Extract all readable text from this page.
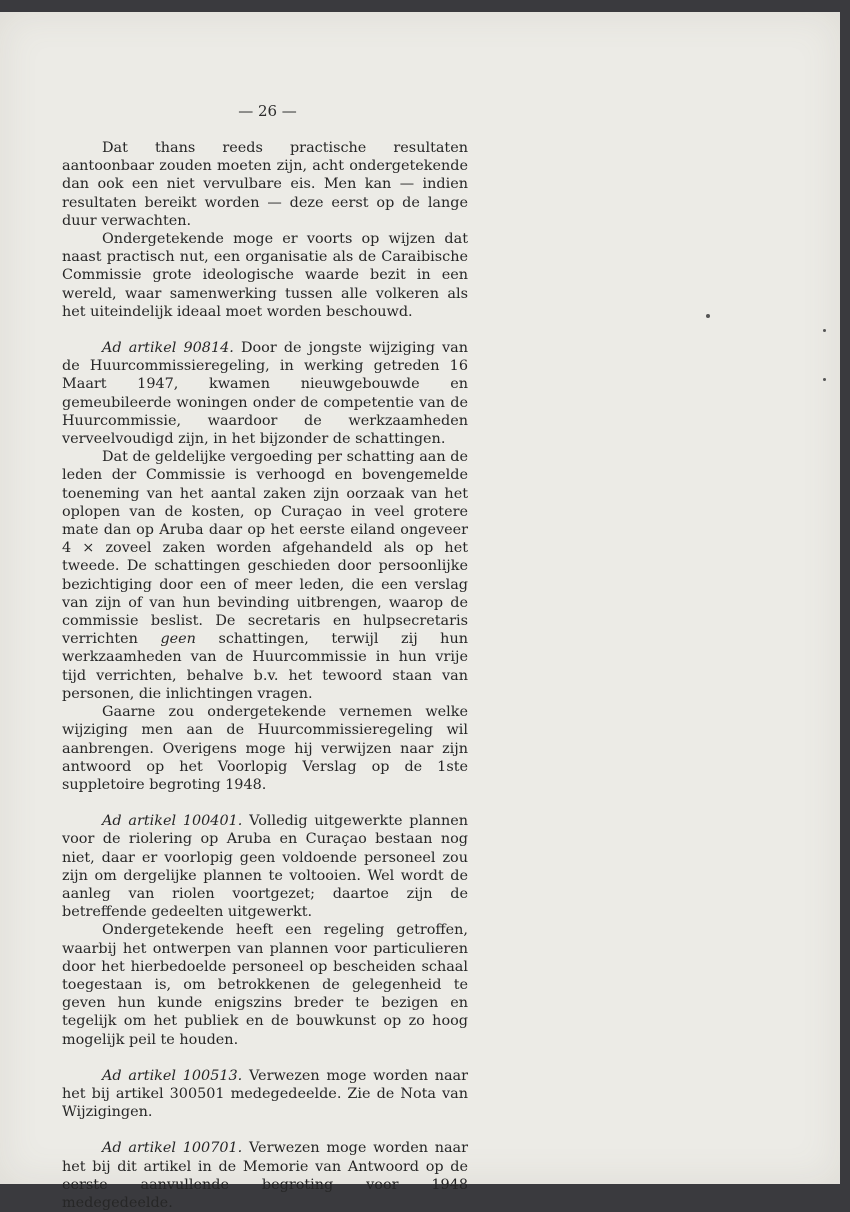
— 26 —

Dat thans reeds practische resultaten aantoonbaar zouden moeten zijn, acht ondergetekende dan ook een niet vervulbare eis. Men kan — indien resultaten bereikt worden — deze eerst op de lange duur verwachten.

Ondergetekende moge er voorts op wijzen dat naast practisch nut, een organisatie als de Caraibische Commissie grote ideologische waarde bezit in een wereld, waar samenwerking tussen alle volkeren als het uiteindelijk ideaal moet worden beschouwd.

Ad artikel 90814. Door de jongste wijziging van de Huurcommissieregeling, in werking getreden 16 Maart 1947, kwamen nieuwgebouwde en gemeubileerde woningen onder de competentie van de Huurcommissie, waardoor de werkzaamheden verveelvoudigd zijn, in het bijzonder de schattingen.

Dat de geldelijke vergoeding per schatting aan de leden der Commissie is verhoogd en bovengemelde toeneming van het aantal zaken zijn oorzaak van het oplopen van de kosten, op Curaçao in veel grotere mate dan op Aruba daar op het eerste eiland ongeveer 4 × zoveel zaken worden afgehandeld als op het tweede. De schattingen geschieden door persoonlijke bezichtiging door een of meer leden, die een verslag van zijn of van hun bevinding uitbrengen, waarop de commissie beslist. De secretaris en hulpsecretaris verrichten geen schattingen, terwijl zij hun werkzaamheden van de Huurcommissie in hun vrije tijd verrichten, behalve b.v. het tewoord staan van personen, die inlichtingen vragen.

Gaarne zou ondergetekende vernemen welke wijziging men aan de Huurcommissieregeling wil aanbrengen. Overigens moge hij verwijzen naar zijn antwoord op het Voorlopig Verslag op de 1ste suppletoire begroting 1948.

Ad artikel 100401. Volledig uitgewerkte plannen voor de riolering op Aruba en Curaçao bestaan nog niet, daar er voorlopig geen voldoende personeel zou zijn om dergelijke plannen te voltooien. Wel wordt de aanleg van riolen voortgezet; daartoe zijn de betreffende gedeelten uitgewerkt.

Ondergetekende heeft een regeling getroffen, waarbij het ontwerpen van plannen voor particulieren door het hierbedoelde personeel op bescheiden schaal toegestaan is, om betrokkenen de gelegenheid te geven hun kunde enigszins breder te bezigen en tegelijk om het publiek en de bouwkunst op zo hoog mogelijk peil te houden.

Ad artikel 100513. Verwezen moge worden naar het bij artikel 300501 medegedeelde. Zie de Nota van Wijzigingen.

Ad artikel 100701. Verwezen moge worden naar het bij dit artikel in de Memorie van Antwoord op de eerste aanvullende begroting voor 1948 medegedeelde.
